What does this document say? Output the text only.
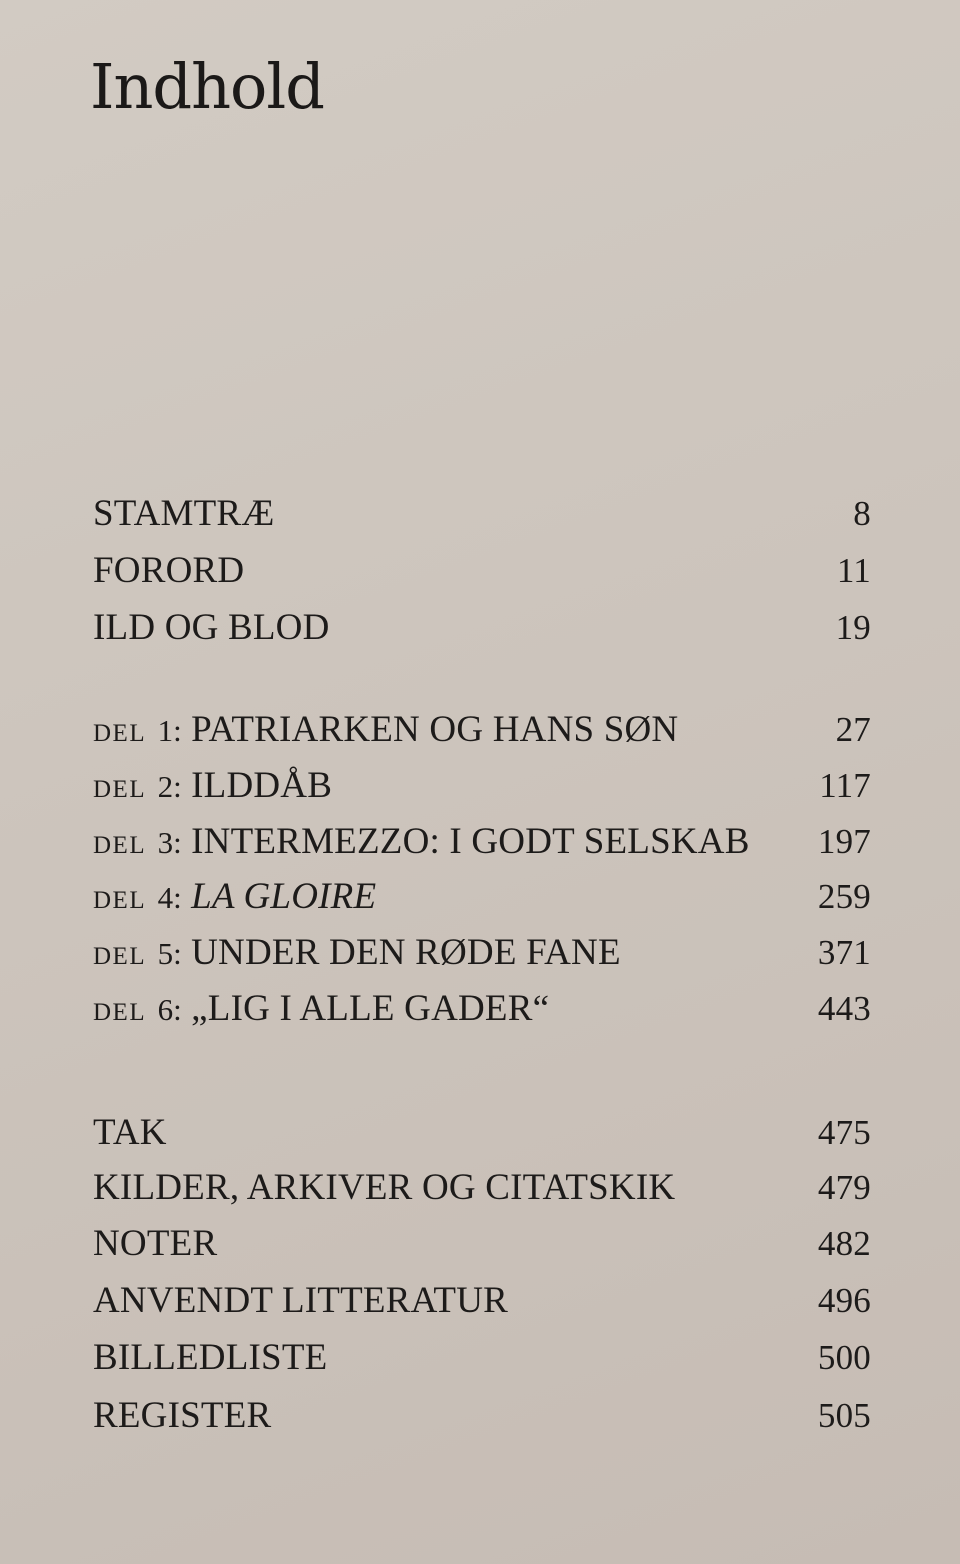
Indhold
STAMTRÆ	8
FORORD	11
ILD OG BLOD	19
DEL 1: PATRIARKEN OG HANS SØN	27
DEL 2: ILDDÅB	117
DEL 3: INTERMEZZO: I GODT SELSKAB 197
DEL 4: LA GLOIRE	259
DEL 5: UNDER DEN RØDE FANE	371
DEL 6: „LIG I ALLE GADER“	443
TAK	475
KILDER, ARKIVER OG CITATSKIK	479
NOTER	482
ANVENDT LITTERATUR	496
BILLEDLISTE	500
REGISTER	505
